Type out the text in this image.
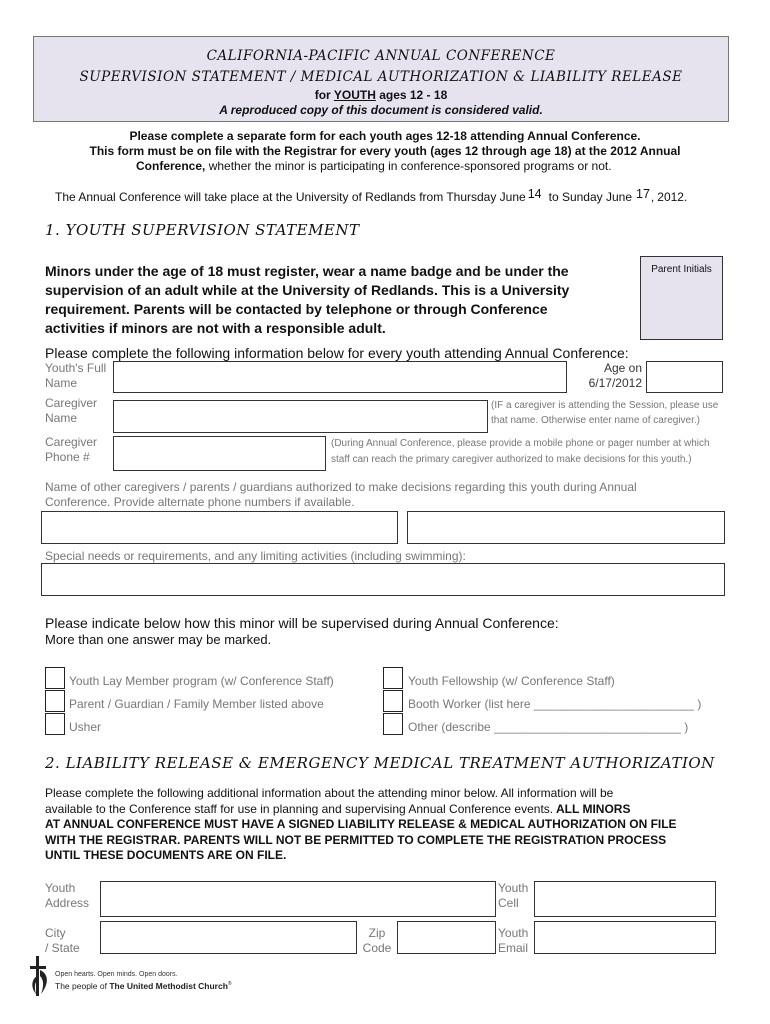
CALIFORNIA-PACIFIC ANNUAL CONFERENCE
SUPERVISION STATEMENT / MEDICAL AUTHORIZATION & LIABILITY RELEASE
for YOUTH ages 12 - 18
A reproduced copy of this document is considered valid.
Please complete a separate form for each youth ages 12-18 attending Annual Conference.
This form must be on file with the Registrar for every youth (ages 12 through age 18) at the 2012 Annual
Conference, whether the minor is participating in conference-sponsored programs or not.
The Annual Conference will take place at the University of Redlands from Thursday June 14 to Sunday June 17, 2012.
1. YOUTH SUPERVISION STATEMENT
Minors under the age of 18 must register, wear a name badge and be under the
supervision of an adult while at the University of Redlands. This is a University
requirement. Parents will be contacted by telephone or through Conference
activities if minors are not with a responsible adult.
Parent Initials
Please complete the following information below for every youth attending Annual Conference:
Youth's Full
Name
Age on
6/17/2012
Caregiver
Name
(IF a caregiver is attending the Session, please use
that name. Otherwise enter name of caregiver.)
Caregiver
Phone #
(During Annual Conference, please provide a mobile phone or pager number at which
staff can reach the primary caregiver authorized to make decisions for this youth.)
Name of other caregivers / parents / guardians authorized to make decisions regarding this youth during Annual
Conference. Provide alternate phone numbers if available.
Special needs or requirements, and any limiting activities (including swimming):
Please indicate below how this minor will be supervised during Annual Conference:
More than one answer may be marked.
Youth Lay Member program (w/ Conference Staff)
Parent / Guardian / Family Member listed above
Usher
Youth Fellowship (w/ Conference Staff)
Booth Worker (list here ________________________ )
Other (describe ____________________________ )
2. LIABILITY RELEASE & EMERGENCY MEDICAL TREATMENT AUTHORIZATION
Please complete the following additional information about the attending minor below. All information will be
available to the Conference staff for use in planning and supervising Annual Conference events. ALL MINORS
AT ANNUAL CONFERENCE MUST HAVE A SIGNED LIABILITY RELEASE & MEDICAL AUTHORIZATION ON FILE
WITH THE REGISTRAR. PARENTS WILL NOT BE PERMITTED TO COMPLETE THE REGISTRATION PROCESS
UNTIL THESE DOCUMENTS ARE ON FILE.
Youth
Address
Youth
Cell
City
/ State
Zip
Code
Youth
Email
Open hearts. Open minds. Open doors.
The people of The United Methodist Church®
